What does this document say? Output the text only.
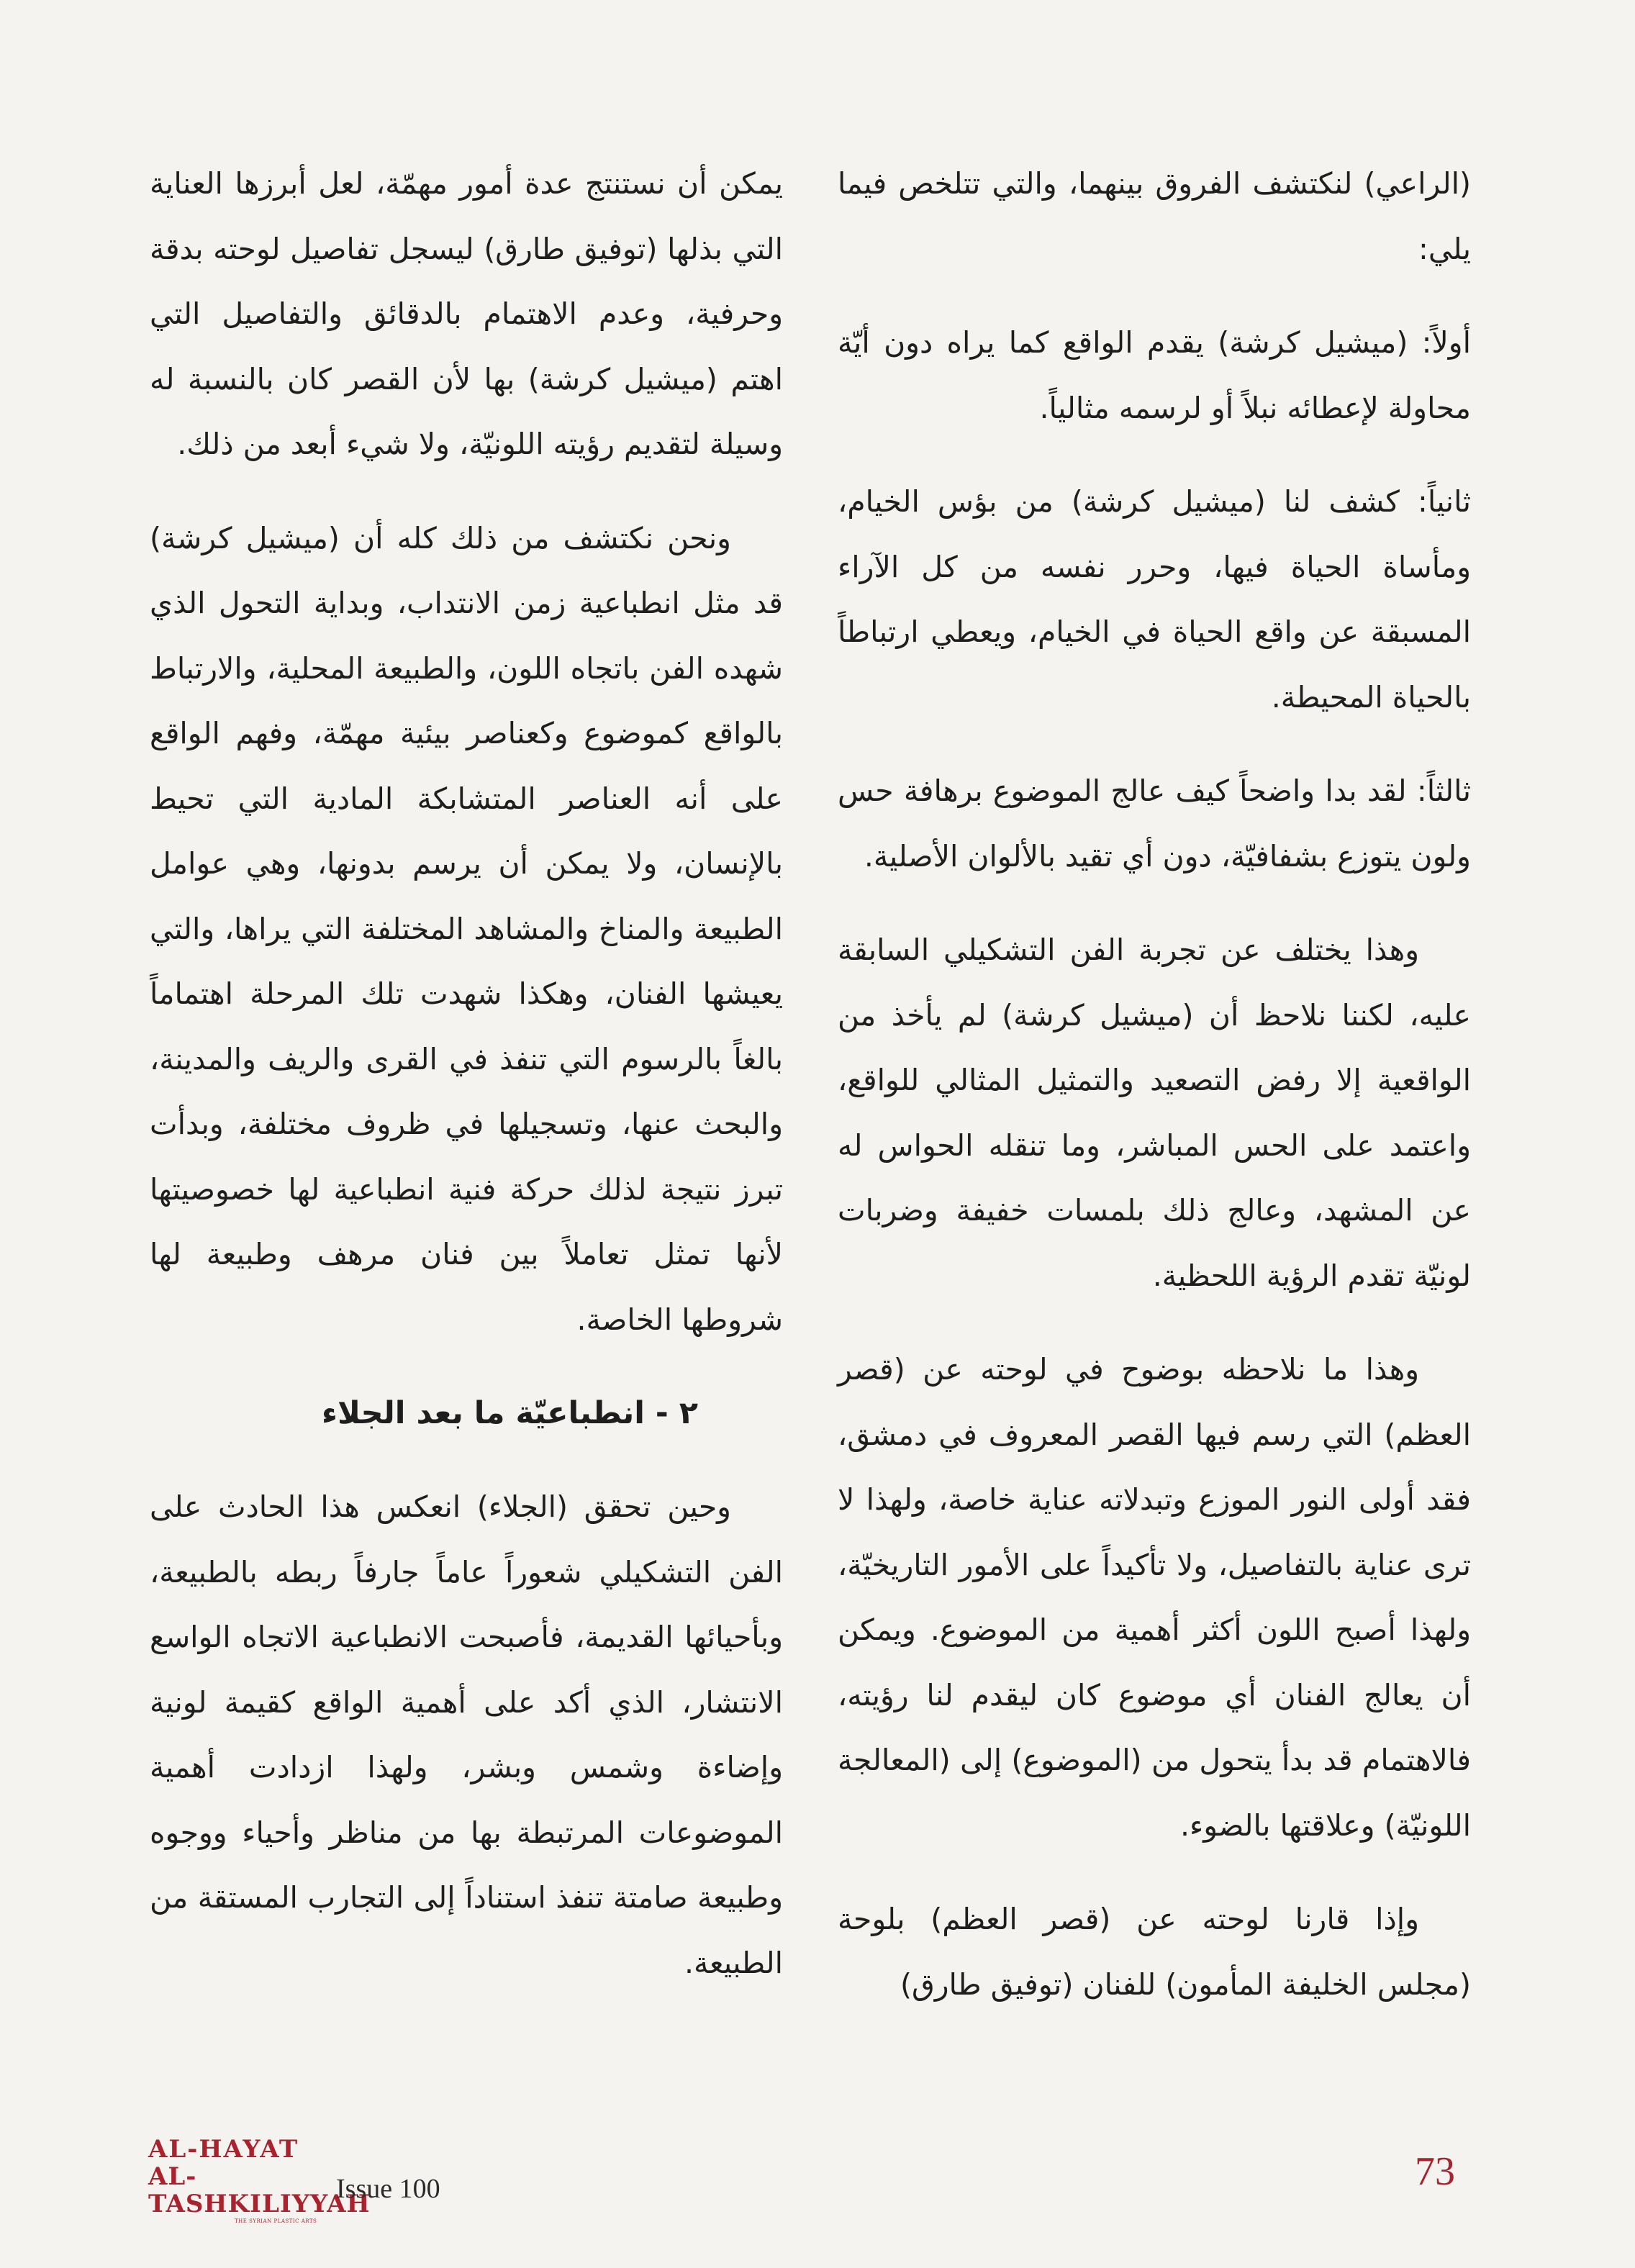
(الراعي) لنكتشف الفروق بينهما، والتي تتلخص فيما يلي:

أولاً: (ميشيل كرشة) يقدم الواقع كما يراه دون أيّة محاولة لإعطائه نبلاً أو لرسمه مثالياً.

ثانياً: كشف لنا (ميشيل كرشة) من بؤس الخيام، ومأساة الحياة فيها، وحرر نفسه من كل الآراء المسبقة عن واقع الحياة في الخيام، ويعطي ارتباطاً بالحياة المحيطة.

ثالثاً: لقد بدا واضحاً كيف عالج الموضوع برهافة حس ولون يتوزع بشفافيّة، دون أي تقيد بالألوان الأصلية.

وهذا يختلف عن تجربة الفن التشكيلي السابقة عليه، لكننا نلاحظ أن (ميشيل كرشة) لم يأخذ من الواقعية إلا رفض التصعيد والتمثيل المثالي للواقع، واعتمد على الحس المباشر، وما تنقله الحواس له عن المشهد، وعالج ذلك بلمسات خفيفة وضربات لونيّة تقدم الرؤية اللحظية.

وهذا ما نلاحظه بوضوح في لوحته عن (قصر العظم) التي رسم فيها القصر المعروف في دمشق، فقد أولى النور الموزع وتبدلاته عناية خاصة، ولهذا لا ترى عناية بالتفاصيل، ولا تأكيداً على الأمور التاريخيّة، ولهذا أصبح اللون أكثر أهمية من الموضوع. ويمكن أن يعالج الفنان أي موضوع كان ليقدم لنا رؤيته، فالاهتمام قد بدأ يتحول من (الموضوع) إلى (المعالجة اللونيّة) وعلاقتها بالضوء.

وإذا قارنا لوحته عن (قصر العظم) بلوحة (مجلس الخليفة المأمون) للفنان (توفيق طارق)

يمكن أن نستنتج عدة أمور مهمّة، لعل أبرزها العناية التي بذلها (توفيق طارق) ليسجل تفاصيل لوحته بدقة وحرفية، وعدم الاهتمام بالدقائق والتفاصيل التي اهتم (ميشيل كرشة) بها لأن القصر كان بالنسبة له وسيلة لتقديم رؤيته اللونيّة، ولا شيء أبعد من ذلك.

ونحن نكتشف من ذلك كله أن (ميشيل كرشة) قد مثل انطباعية زمن الانتداب، وبداية التحول الذي شهده الفن باتجاه اللون، والطبيعة المحلية، والارتباط بالواقع كموضوع وكعناصر بيئية مهمّة، وفهم الواقع على أنه العناصر المتشابكة المادية التي تحيط بالإنسان، ولا يمكن أن يرسم بدونها، وهي عوامل الطبيعة والمناخ والمشاهد المختلفة التي يراها، والتي يعيشها الفنان، وهكذا شهدت تلك المرحلة اهتماماً بالغاً بالرسوم التي تنفذ في القرى والريف والمدينة، والبحث عنها، وتسجيلها في ظروف مختلفة، وبدأت تبرز نتيجة لذلك حركة فنية انطباعية لها خصوصيتها لأنها تمثل تعاملاً بين فنان مرهف وطبيعة لها شروطها الخاصة.

٢ - انطباعيّة ما بعد الجلاء

وحين تحقق (الجلاء) انعكس هذا الحادث على الفن التشكيلي شعوراً عاماً جارفاً ربطه بالطبيعة، وبأحيائها القديمة، فأصبحت الانطباعية الاتجاه الواسع الانتشار، الذي أكد على أهمية الواقع كقيمة لونية وإضاءة وشمس وبشر، ولهذا ازدادت أهمية الموضوعات المرتبطة بها من مناظر وأحياء ووجوه وطبيعة صامتة تنفذ استناداً إلى التجارب المستقة من الطبيعة.

AL-HAYAT
AL-TASHKILIYYAH
THE SYRIAN PLASTIC ARTS
Issue 100	73
